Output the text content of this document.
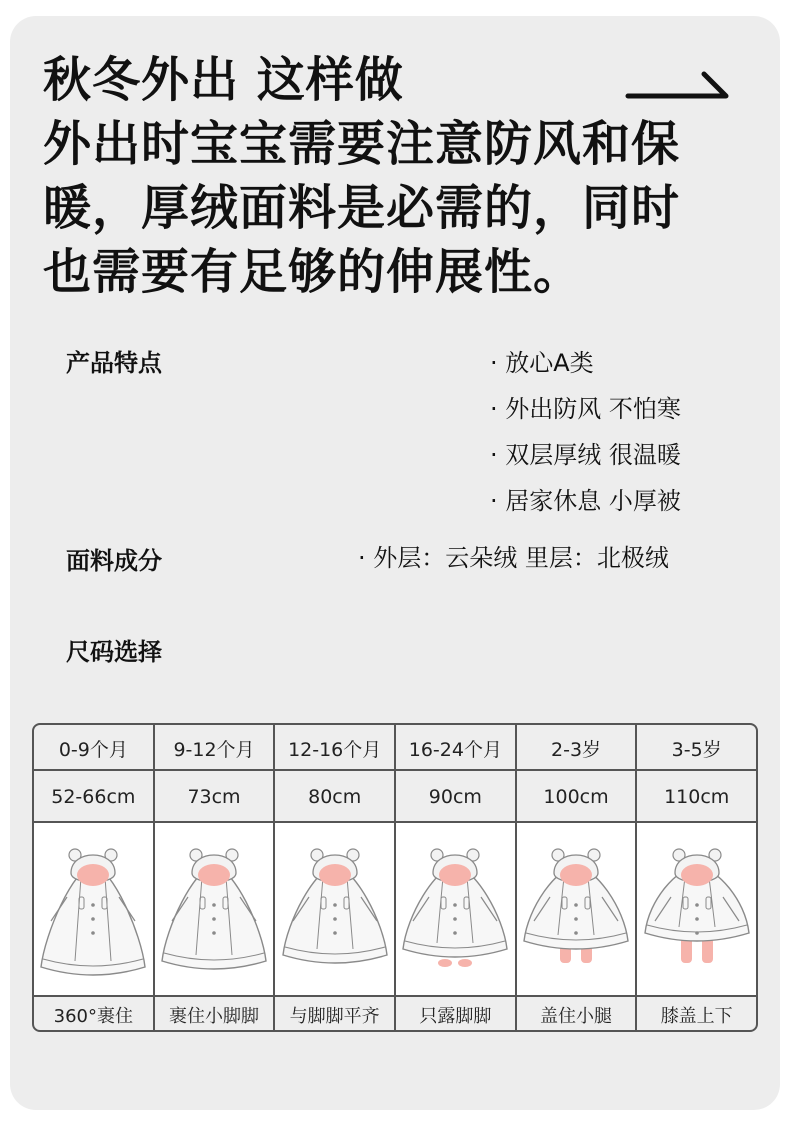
秋冬外出 这样做
外出时宝宝需要注意防风和保
暖，厚绒面料是必需的，同时
也需要有足够的伸展性。
产品特点	· 放心A类
· 外出防风 不怕寒
· 双层厚绒 很温暖
· 居家休息 小厚被
面料成分	· 外层：云朵绒 里层：北极绒
尺码选择
0-9个月	9-12个月	12-16个月	16-24个月	2-3岁	3-5岁
52-66cm	73cm	80cm	90cm	100cm	110cm
360°裹住	裹住小脚脚	与脚脚平齐	只露脚脚	盖住小腿	膝盖上下
